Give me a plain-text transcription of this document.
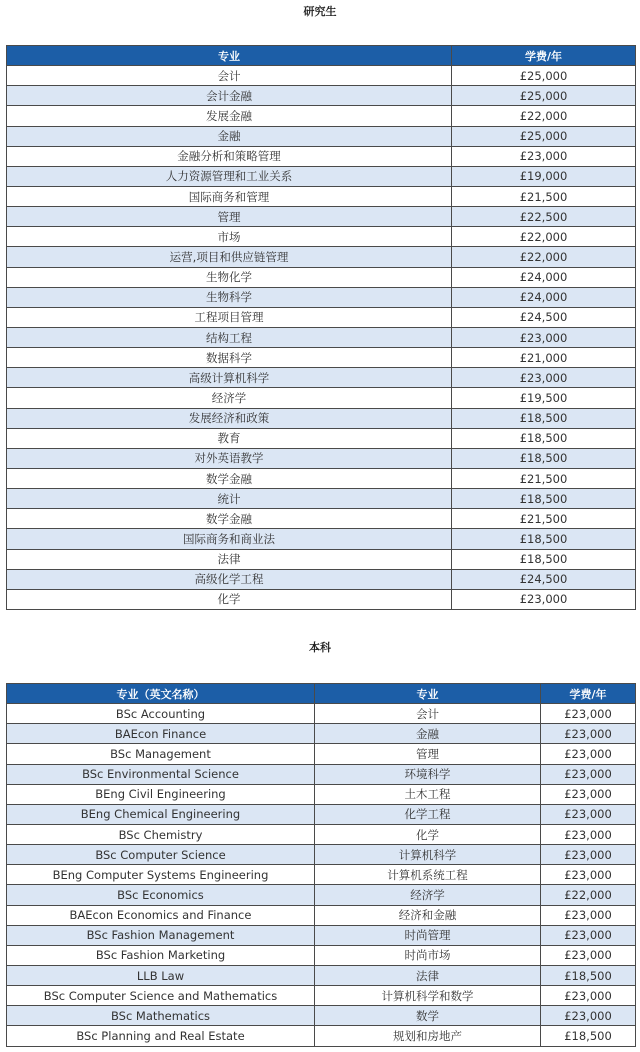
研究生
专业	学费/年
会计	£25,000
会计金融	£25,000
发展金融	£22,000
金融	£25,000
金融分析和策略管理	£23,000
人力资源管理和工业关系	£19,000
国际商务和管理	£21,500
管理	£22,500
市场	£22,000
运营,项目和供应链管理	£22,000
生物化学	£24,000
生物科学	£24,000
工程项目管理	£24,500
结构工程	£23,000
数据科学	£21,000
高级计算机科学	£23,000
经济学	£19,500
发展经济和政策	£18,500
教育	£18,500
对外英语教学	£18,500
数学金融	£21,500
统计	£18,500
数学金融	£21,500
国际商务和商业法	£18,500
法律	£18,500
高级化学工程	£24,500
化学	£23,000
本科
专业（英文名称）	专业	学费/年
BSc Accounting	会计	£23,000
BAEcon Finance	金融	£23,000
BSc Management	管理	£23,000
BSc Environmental Science	环境科学	£23,000
BEng Civil Engineering	土木工程	£23,000
BEng Chemical Engineering	化学工程	£23,000
BSc Chemistry	化学	£23,000
BSc Computer Science	计算机科学	£23,000
BEng Computer Systems Engineering	计算机系统工程	£23,000
BSc Economics	经济学	£22,000
BAEcon Economics and Finance	经济和金融	£23,000
BSc Fashion Management	时尚管理	£23,000
BSc Fashion Marketing	时尚市场	£23,000
LLB Law	法律	£18,500
BSc Computer Science and Mathematics	计算机科学和数学	£23,000
BSc Mathematics	数学	£23,000
BSc Planning and Real Estate	规划和房地产	£18,500
